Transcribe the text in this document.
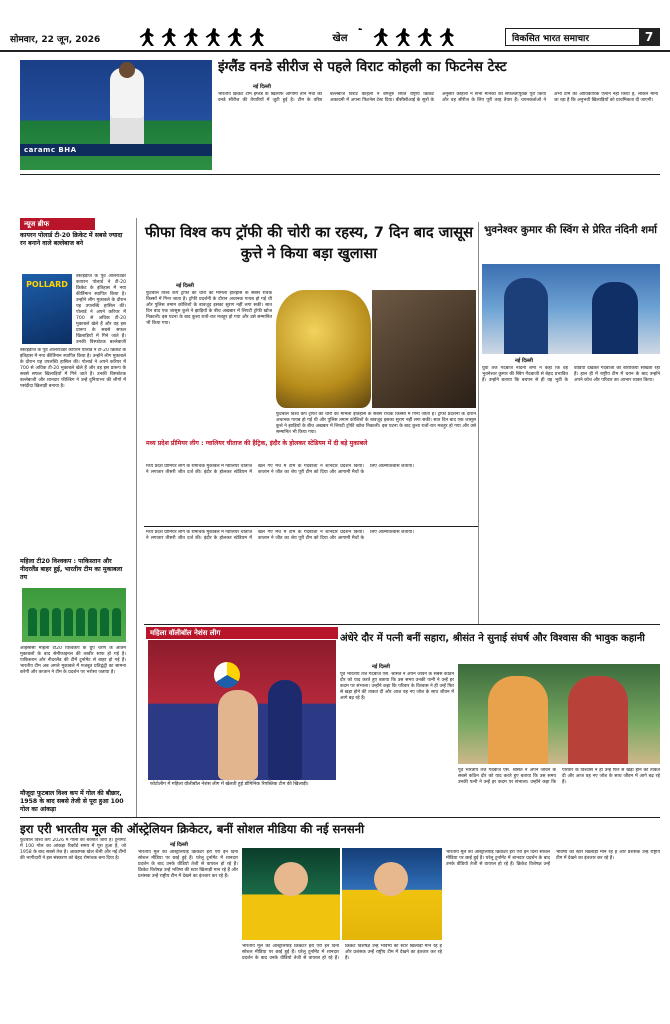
सोमवार, 22 जून, 2026	खेल	विकसित भारत समाचार	7
caramc BHA
इंग्लैंड वनडे सीरीज से पहले विराट कोहली का फिटनेस टेस्ट
नई दिल्ली
भारतीय क्रिकेट टीम इंग्लैंड के खिलाफ आगामी तीन मैचों की वनडे सीरीज की तैयारियों में जुटी हुई है। टीम के वरिष्ठ बल्लेबाज विराट कोहली ने बेंगलुरु स्थित राष्ट्रीय क्रिकेट अकादमी में अपना फिटनेस टेस्ट दिया। बीसीसीआई के सूत्रों के अनुसार कोहली ने सभी मानकों को सफलतापूर्वक पूरा किया और वह सीरीज के लिए पूरी तरह तैयार हैं। चयनकर्ताओं ने अभी टीम का आधिकारिक ऐलान नहीं किया है, लेकिन माना जा रहा है कि अनुभवी खिलाड़ियों को प्राथमिकता दी जाएगी।
न्यूज ब्रीफ
कायरन पोलार्ड टी-20 क्रिकेट में सबसे ज्यादा रन बनाने वाले बल्लेबाज बने
POLLARD
वेस्टइंडीज के पूर्व ऑलराउंडर कायरन पोलार्ड ने टी-20 क्रिकेट के इतिहास में नया कीर्तिमान स्थापित किया है। उन्होंने लीग मुकाबले के दौरान यह उपलब्धि हासिल की। पोलार्ड ने अपने करियर में 700 से अधिक टी-20 मुकाबले खेले हैं और वह इस प्रारूप के सबसे सफल खिलाड़ियों में गिने जाते हैं। उनकी विस्फोटक बल्लेबाजी
वेस्टइंडीज के पूर्व ऑलराउंडर कायरन पोलार्ड ने टी-20 क्रिकेट के इतिहास में नया कीर्तिमान स्थापित किया है। उन्होंने लीग मुकाबले के दौरान यह उपलब्धि हासिल की। पोलार्ड ने अपने करियर में 700 से अधिक टी-20 मुकाबले खेले हैं और वह इस प्रारूप के सबसे सफल खिलाड़ियों में गिने जाते हैं। उनकी विस्फोटक बल्लेबाजी और शानदार फील्डिंग ने उन्हें दुनियाभर की लीगों में पसंदीदा खिलाड़ी बनाया है।
महिला टी20 विश्वकप : पाकिस्तान और नीदरलैंड बाहर हुई, भारतीय टीम का मुकाबला तय
आईसीसी महिला टी20 विश्वकप के ग्रुप चरण के अंतिम मुकाबलों के बाद सेमीफाइनल की तस्वीर साफ हो गई है। पाकिस्तान और नीदरलैंड की टीमें टूर्नामेंट से बाहर हो गई हैं। भारतीय टीम अब अगले मुकाबले में मजबूत प्रतिद्वंद्वी का सामना करेगी और कप्तान ने टीम के प्रदर्शन पर भरोसा जताया है।
मौजूदा फुटबाल विश्व कप में गोल की बौछार, 1958 के बाद सबसे तेजी से पूरा हुआ 100 गोल का आंकड़ा
फुटबाल विश्व कप 2026 में गोलों की बरसात जारी है। टूर्नामेंट में 100 गोल का आंकड़ा रिकॉर्ड समय में पूरा हुआ है, जो 1958 के बाद सबसे तेज है। आक्रामक खेल शैली और नई टीमों की भागीदारी ने इस संस्करण को बेहद रोमांचक बना दिया है।
फीफा विश्व कप ट्रॉफी की चोरी का रहस्य, 7 दिन बाद जासूस कुत्ते ने किया बड़ा खुलासा
नई दिल्ली
फुटबाल विश्व कप ट्रॉफी की चोरी का मामला इतिहास के सबसे रोचक किस्सों में गिना जाता है। ट्रॉफी प्रदर्शनी के दौरान अचानक गायब हो गई थी और पुलिस तमाम कोशिशों के बावजूद इसका सुराग नहीं लगा सकी। सात दिन बाद एक जासूस कुत्ते ने झाड़ियों के बीच अखबार में लिपटी ट्रॉफी खोज निकाली। इस घटना के बाद कुत्ता रातों-रात मशहूर हो गया और उसे सम्मानित भी किया गया।
फुटबाल विश्व कप ट्रॉफी की चोरी का मामला इतिहास के सबसे रोचक किस्सों में गिना जाता है। ट्रॉफी प्रदर्शनी के दौरान अचानक गायब हो गई थी और पुलिस तमाम कोशिशों के बावजूद इसका सुराग नहीं लगा सकी। सात दिन बाद एक जासूस कुत्ते ने झाड़ियों के बीच अखबार में लिपटी ट्रॉफी खोज निकाली। इस घटना के बाद कुत्ता रातों-रात मशहूर हो गया और उसे सम्मानित भी किया गया।
मध्य प्रदेश प्रीमियर लीग : ग्वालियर चीताज की हैट्रिक, इंदौर के होलकर स्टेडियम में दी बड़े मुकाबले
मध्य प्रदेश प्रीमियर लीग के रोमांचक मुकाबले में ग्वालियर चीताज ने लगातार तीसरी जीत दर्ज की। इंदौर के होलकर स्टेडियम में खेले गए मैच में टीम के गेंदबाजों ने शानदार प्रदर्शन किया। कप्तान ने जीत का श्रेय पूरी टीम को दिया और आगामी मैचों के लिए आत्मविश्वास जताया।
भुवनेश्वर कुमार की स्विंग से प्रेरित नंदिनी शर्मा
नई दिल्ली
युवा तेज गेंदबाज नंदिनी शर्मा ने कहा कि वह भुवनेश्वर कुमार की स्विंग गेंदबाजी से बेहद प्रभावित हैं। उन्होंने बताया कि बचपन से ही वह भुवी के वीडियो देखकर गेंदबाजी की बारीकियां सीखती रही हैं। हाल ही में राष्ट्रीय टीम में चयन के बाद उन्होंने अपने कोच और परिवार का आभार व्यक्त किया।
मध्य प्रदेश प्रीमियर लीग के रोमांचक मुकाबले में ग्वालियर चीताज ने लगातार तीसरी जीत दर्ज की। इंदौर के होलकर स्टेडियम में खेले गए मैच में टीम के गेंदबाजों ने शानदार प्रदर्शन किया। कप्तान ने जीत का श्रेय पूरी टीम को दिया और आगामी मैचों के लिए आत्मविश्वास जताया।
महिला वॉलीबॉल नेशंस लीग
फोटोलीग में महिला वॉलीबॉल नेशंस लीग में खेलती हुई डोमिनिक रिपब्लिक टीम की खिलाड़ी।
अंधेरे दौर में पत्नी बनीं सहारा, श्रीसंत ने सुनाई संघर्ष और विश्वास की भावुक कहानी
नई दिल्ली
पूर्व भारतीय तेज गेंदबाज एस. श्रीसंत ने अपने जीवन के सबसे कठिन दौर को याद करते हुए बताया कि उस समय उनकी पत्नी ने उन्हें हर कदम पर संभाला। उन्होंने कहा कि परिवार के विश्वास ने ही उन्हें फिर से खड़ा होने की ताकत दी और आज वह नए जोश के साथ जीवन में आगे बढ़ रहे हैं।
पूर्व भारतीय तेज गेंदबाज एस. श्रीसंत ने अपने जीवन के सबसे कठिन दौर को याद करते हुए बताया कि उस समय उनकी पत्नी ने उन्हें हर कदम पर संभाला। उन्होंने कहा कि परिवार के विश्वास ने ही उन्हें फिर से खड़ा होने की ताकत दी और आज वह नए जोश के साथ जीवन में आगे बढ़ रहे हैं।
इरा एरी भारतीय मूल की ऑस्ट्रेलियन क्रिकेटर, बनीं सोशल मीडिया की नई सनसनी
नई दिल्ली
भारतीय मूल की ऑस्ट्रेलियाई क्रिकेटर इरा एरी इन दिनों सोशल मीडिया पर छाई हुई हैं। घरेलू टूर्नामेंट में शानदार प्रदर्शन के बाद उनके वीडियो तेजी से वायरल हो रहे हैं। क्रिकेट विशेषज्ञ उन्हें भविष्य की स्टार खिलाड़ी मान रहे हैं और प्रशंसक उन्हें राष्ट्रीय टीम में देखने का इंतजार कर रहे हैं।
भारतीय मूल की ऑस्ट्रेलियाई क्रिकेटर इरा एरी इन दिनों सोशल मीडिया पर छाई हुई हैं। घरेलू टूर्नामेंट में शानदार प्रदर्शन के बाद उनके वीडियो तेजी से वायरल हो रहे हैं। क्रिकेट विशेषज्ञ उन्हें भविष्य की स्टार खिलाड़ी मान रहे हैं और प्रशंसक उन्हें राष्ट्रीय टीम में देखने का इंतजार कर रहे हैं।
भारतीय मूल की ऑस्ट्रेलियाई क्रिकेटर इरा एरी इन दिनों सोशल मीडिया पर छाई हुई हैं। घरेलू टूर्नामेंट में शानदार प्रदर्शन के बाद उनके वीडियो तेजी से वायरल हो रहे हैं। क्रिकेट विशेषज्ञ उन्हें भविष्य की स्टार खिलाड़ी मान रहे हैं और प्रशंसक उन्हें राष्ट्रीय टीम में देखने का इंतजार कर रहे हैं।
